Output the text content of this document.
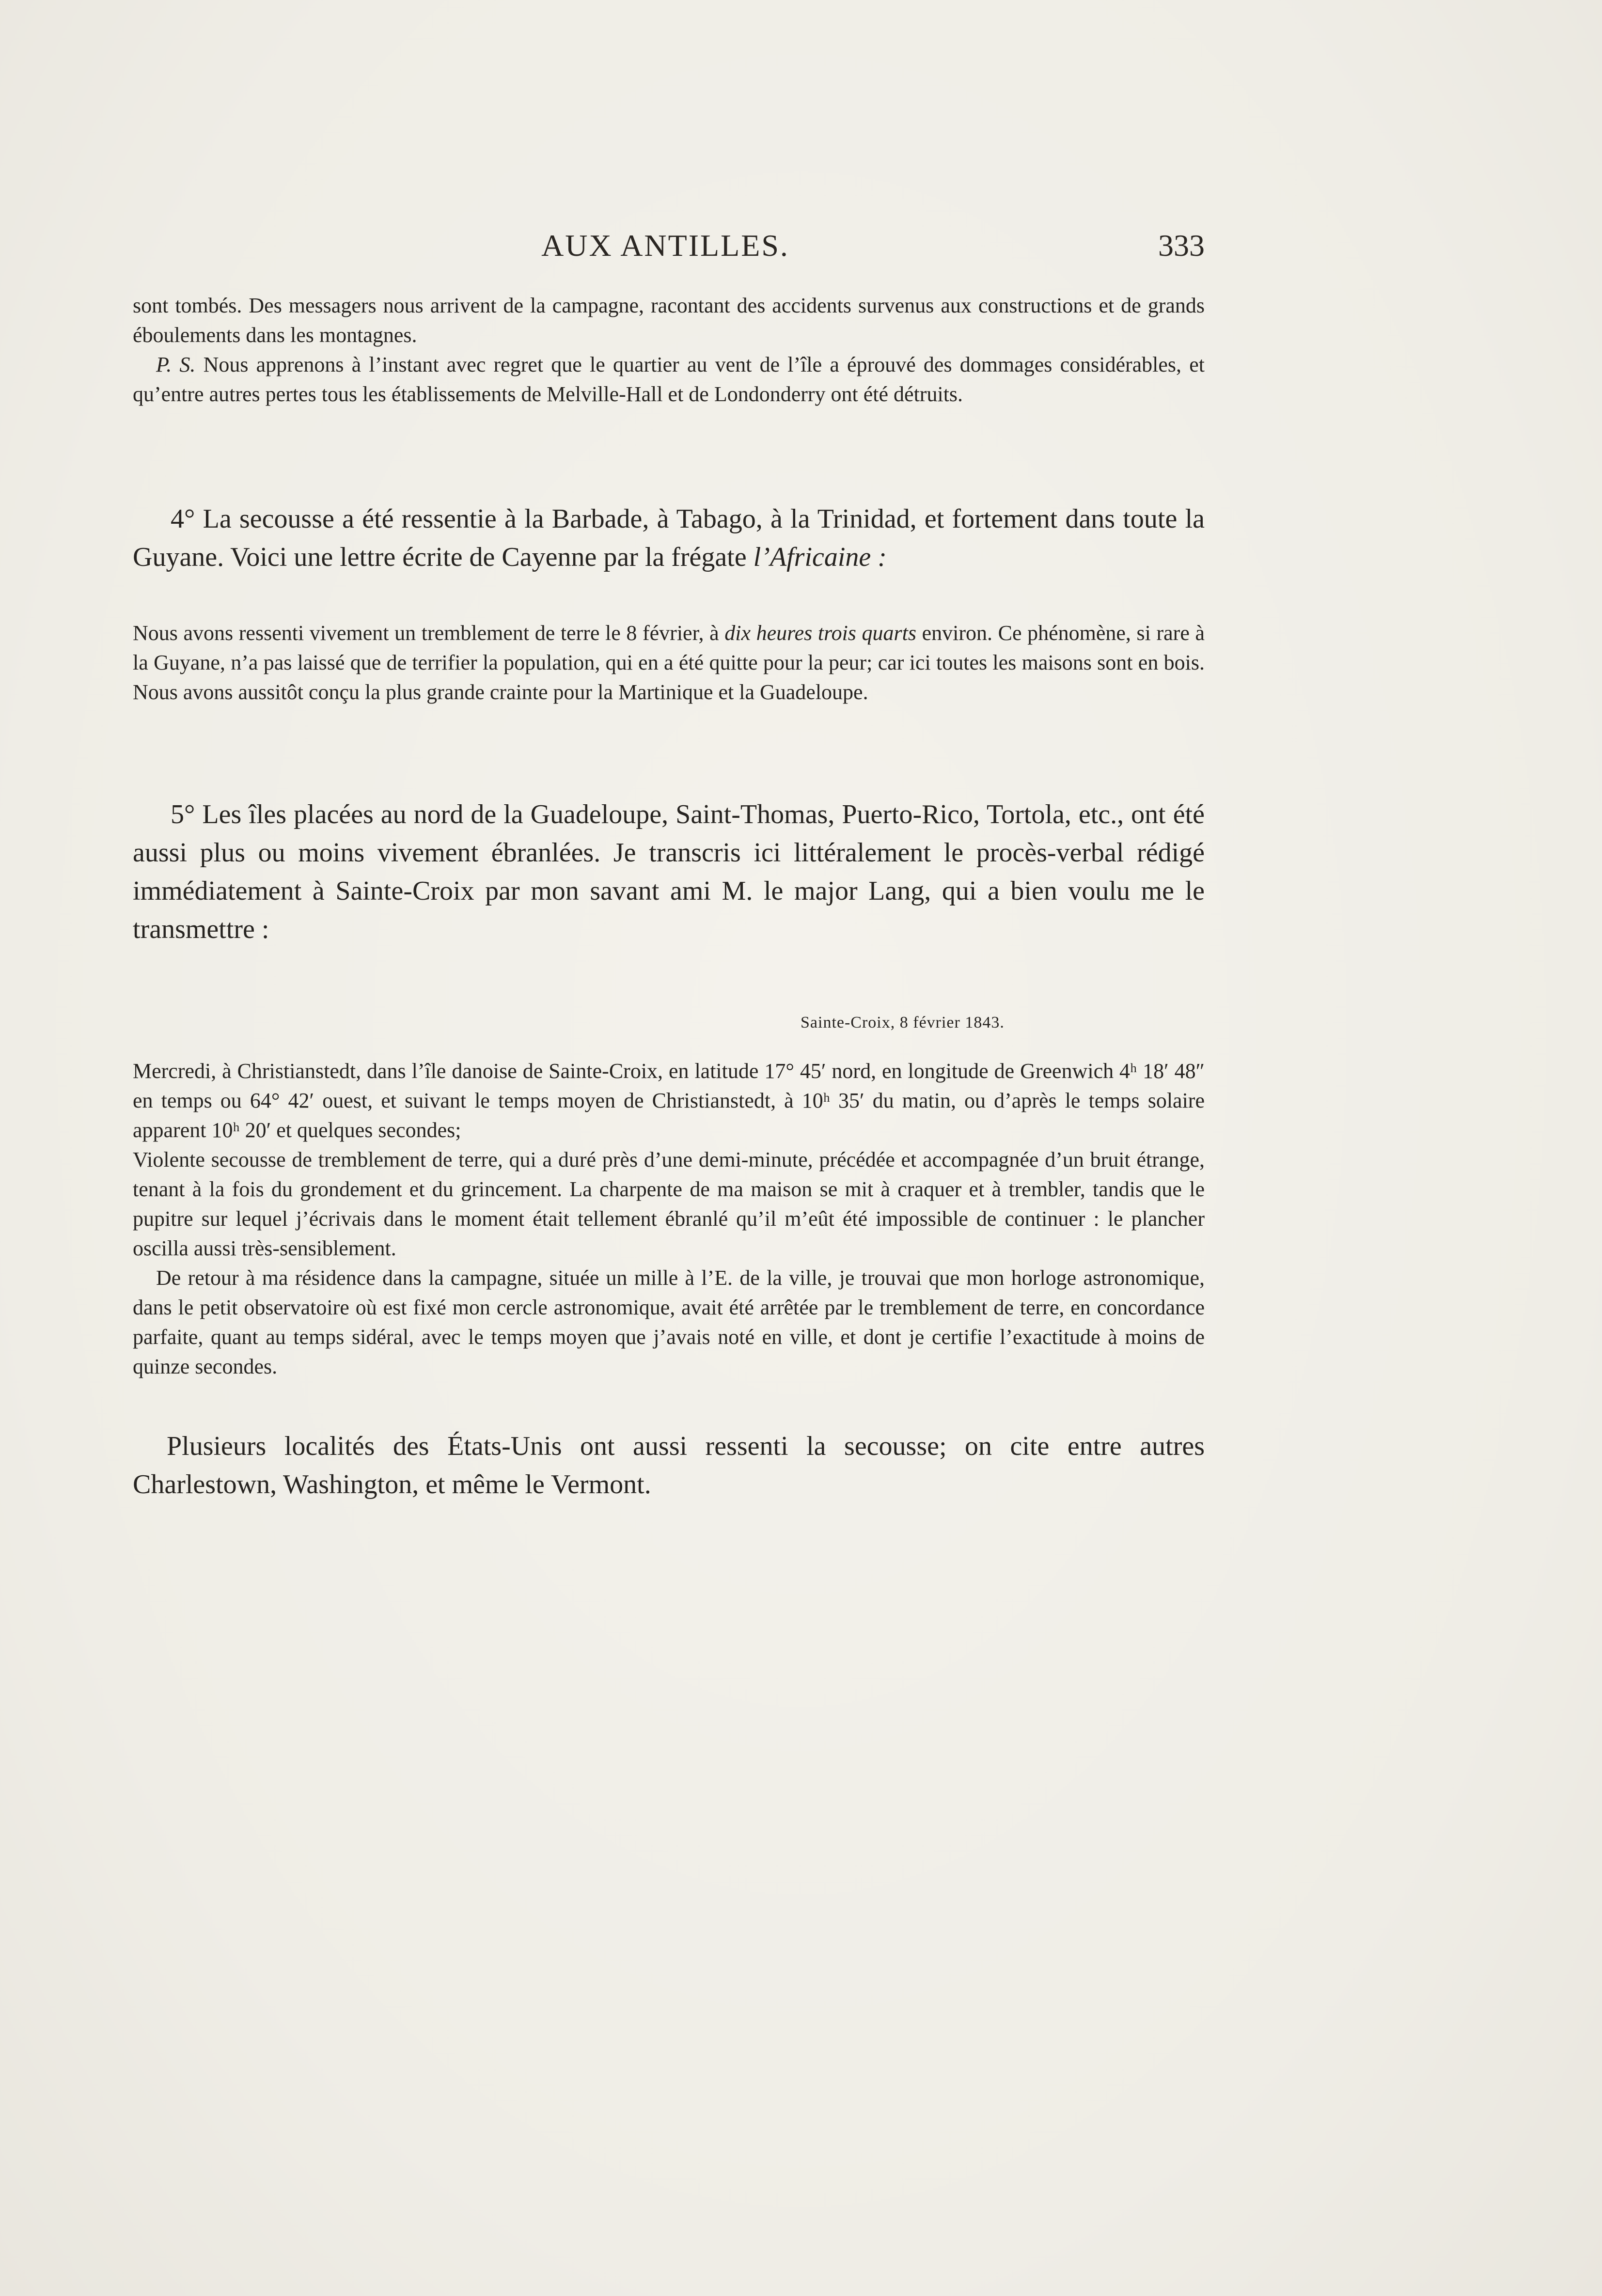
AUX ANTILLES.	333

sont tombés. Des messagers nous arrivent de la campagne, racontant des accidents survenus aux constructions et de grands éboulements dans les montagnes.

P. S. Nous apprenons à l’instant avec regret que le quartier au vent de l’île a éprouvé des dommages considérables, et qu’entre autres pertes tous les établissements de Melville-Hall et de Londonderry ont été détruits.

4° La secousse a été ressentie à la Barbade, à Tabago, à la Trinidad, et fortement dans toute la Guyane. Voici une lettre écrite de Cayenne par la frégate l’Africaine :

Nous avons ressenti vivement un tremblement de terre le 8 février, à dix heures trois quarts environ. Ce phénomène, si rare à la Guyane, n’a pas laissé que de terrifier la population, qui en a été quitte pour la peur; car ici toutes les maisons sont en bois. Nous avons aussitôt conçu la plus grande crainte pour la Martinique et la Guadeloupe.

5° Les îles placées au nord de la Guadeloupe, Saint-Thomas, Puerto-Rico, Tortola, etc., ont été aussi plus ou moins vivement ébranlées. Je transcris ici littéralement le procès-verbal rédigé immédiatement à Sainte-Croix par mon savant ami M. le major Lang, qui a bien voulu me le transmettre :

Sainte-Croix, 8 février 1843.

Mercredi, à Christianstedt, dans l’île danoise de Sainte-Croix, en latitude 17° 45′ nord, en longitude de Greenwich 4ʰ 18′ 48″ en temps ou 64° 42′ ouest, et suivant le temps moyen de Christianstedt, à 10ʰ 35′ du matin, ou d’après le temps solaire apparent 10ʰ 20′ et quelques secondes;

Violente secousse de tremblement de terre, qui a duré près d’une demi-minute, précédée et accompagnée d’un bruit étrange, tenant à la fois du grondement et du grincement. La charpente de ma maison se mit à craquer et à trembler, tandis que le pupitre sur lequel j’écrivais dans le moment était tellement ébranlé qu’il m’eût été impossible de continuer : le plancher oscilla aussi très-sensiblement.

De retour à ma résidence dans la campagne, située un mille à l’E. de la ville, je trouvai que mon horloge astronomique, dans le petit observatoire où est fixé mon cercle astronomique, avait été arrêtée par le tremblement de terre, en concordance parfaite, quant au temps sidéral, avec le temps moyen que j’avais noté en ville, et dont je certifie l’exactitude à moins de quinze secondes.

Plusieurs localités des États-Unis ont aussi ressenti la secousse; on cite entre autres Charlestown, Washington, et même le Vermont.
